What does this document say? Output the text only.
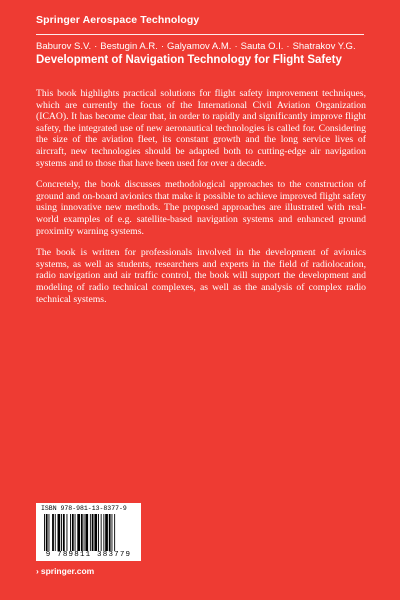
Springer Aerospace Technology
Baburov S.V. · Bestugin A.R. · Galyamov A.M. · Sauta O.I. · Shatrakov Y.G.
Development of Navigation Technology for Flight Safety

This book highlights practical solutions for flight safety improvement techniques, which are currently the focus of the International Civil Aviation Organization (ICAO). It has become clear that, in order to rapidly and significantly improve flight safety, the integrated use of new aeronautical technologies is called for. Considering the size of the aviation fleet, its constant growth and the long service lives of aircraft, new technologies should be adapted both to cutting-edge air navigation systems and to those that have been used for over a decade.

Concretely, the book discusses methodological approaches to the construction of ground and on-board avionics that make it possible to achieve improved flight safety using innovative new methods. The proposed approaches are illustrated with real-world examples of e.g. satellite-based navigation systems and enhanced ground proximity warning systems.

The book is written for professionals involved in the development of avionics systems, as well as students, researchers and experts in the field of radiolocation, radio navigation and air traffic control, the book will support the development and modeling of radio technical complexes, as well as the analysis of complex radio technical systems.

ISBN 978-981-13-8377-9
9 789811 383779
› springer.com
